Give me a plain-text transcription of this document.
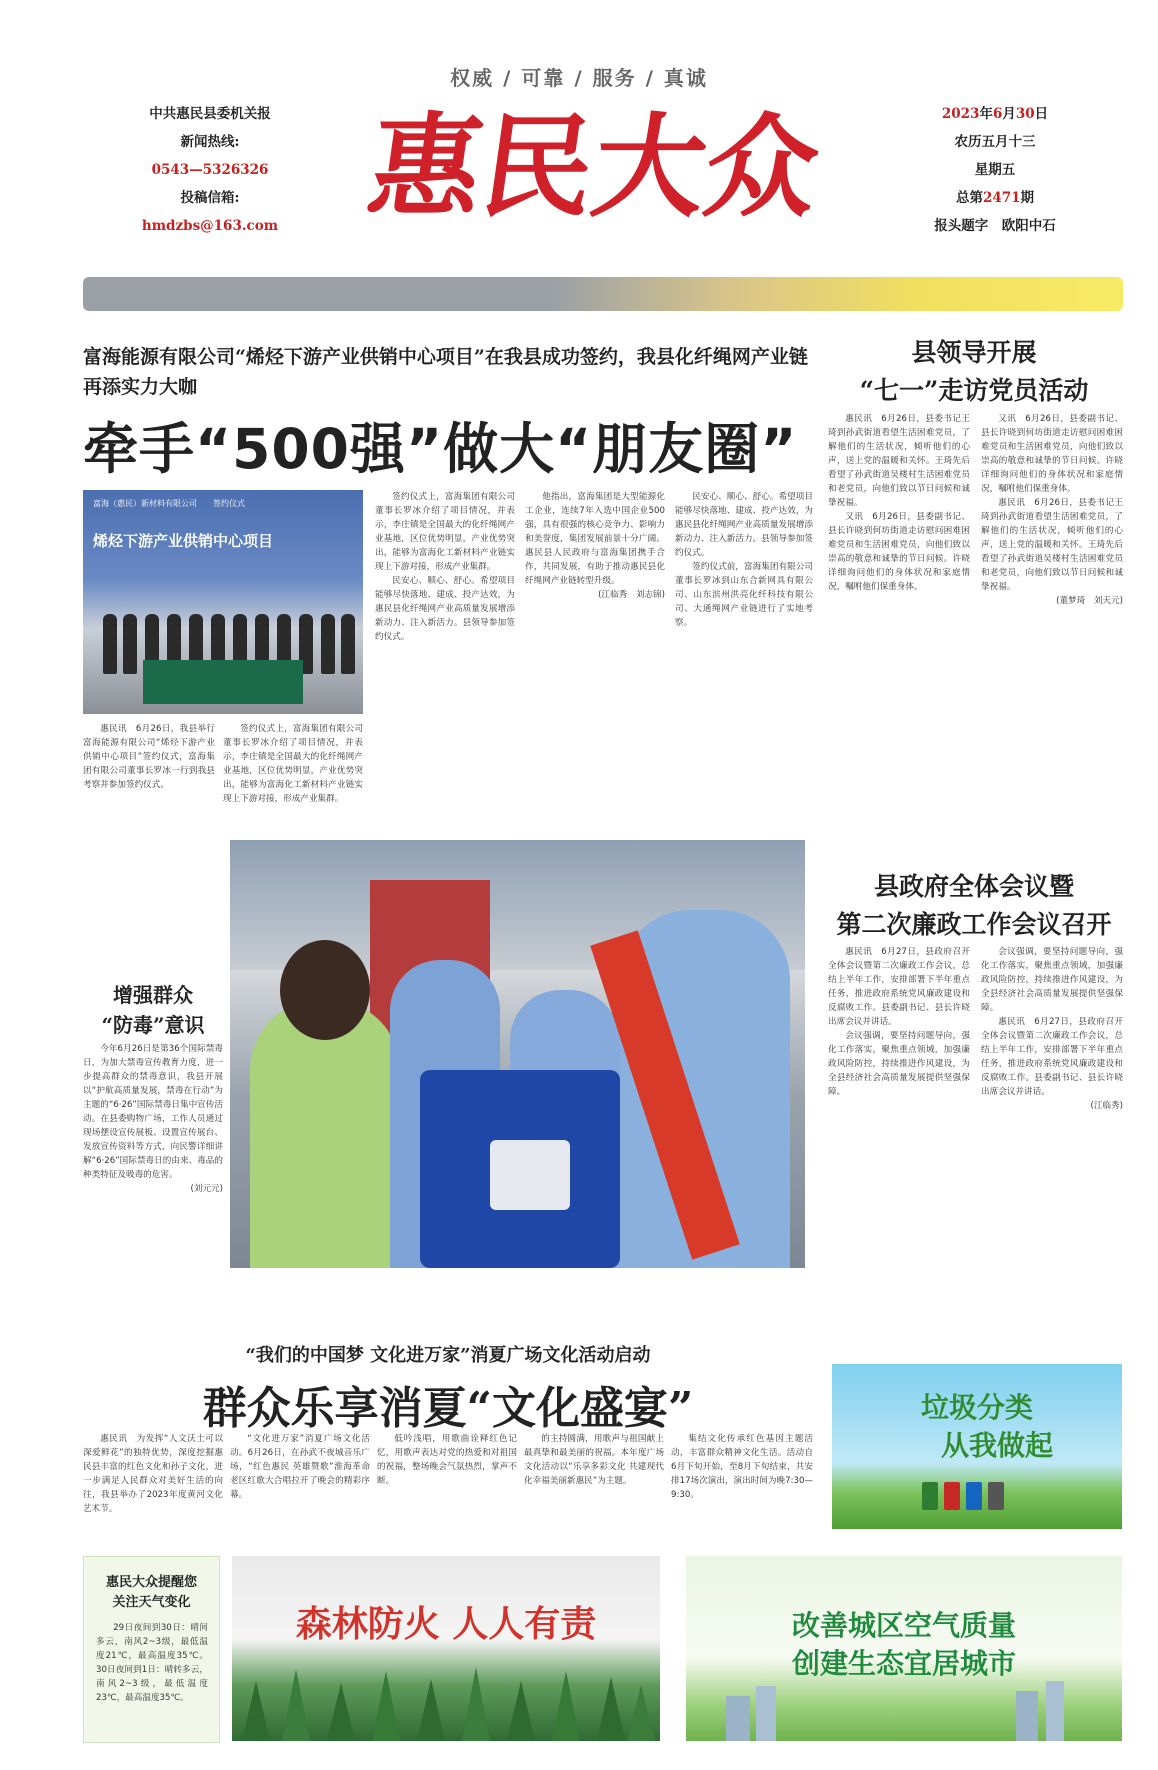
权威 / 可靠 / 服务 / 真诚
中共惠民县委机关报
新闻热线:
0543—5326326
投稿信箱:
hmdzbs@163.com 惠民大众	2023年6月30日
农历五月十三
星期五
总第2471期
报头题字　欧阳中石
富海能源有限公司“烯烃下游产业供销中心项目”在我县成功签约，我县化纤绳网产业链再添实力大咖
牵手“500强”做大“朋友圈”
富海（惠民）新材料有限公司　　签约仪式
烯烃下游产业供销中心项目

惠民讯　6月26日，我县举行富海能源有限公司“烯烃下游产业供销中心项目”签约仪式，富海集团有限公司董事长罗冰一行到我县考察并参加签约仪式。

签约仪式上，富海集团有限公司董事长罗冰介绍了项目情况，并表示，李庄镇是全国最大的化纤绳网产业基地，区位优势明显，产业优势突出，能够为富海化工新材料产业链实现上下游对接，形成产业集群。

签约仪式上，富海集团有限公司董事长罗冰介绍了项目情况，并表示，李庄镇是全国最大的化纤绳网产业基地，区位优势明显，产业优势突出，能够为富海化工新材料产业链实现上下游对接，形成产业集群。

民安心、顺心、舒心。希望项目能够尽快落地、建成、投产达效，为惠民县化纤绳网产业高质量发展增添新动力、注入新活力。县领导参加签约仪式。

他指出，富海集团是大型能源化工企业，连续7年入选中国企业500强，具有很强的核心竞争力、影响力和美誉度，集团发展前景十分广阔。惠民县人民政府与富海集团携手合作，共同发展，有助于推动惠民县化纤绳网产业链转型升级。

(江临秀　刘志锦)

民安心、顺心、舒心。希望项目能够尽快落地、建成、投产达效，为惠民县化纤绳网产业高质量发展增添新动力、注入新活力。县领导参加签约仪式。

签约仪式前，富海集团有限公司董事长罗冰到山东合新网具有限公司、山东滨州洪亮化纤科技有限公司、大通绳网产业链进行了实地考察。

县领导开展
“七一”走访党员活动

惠民讯　6月26日，县委书记王琦到孙武街道看望生活困难党员，了解他们的生活状况，倾听他们的心声，送上党的温暖和关怀。王琦先后看望了孙武街道吴楼村生活困难党员和老党员，向他们致以节日问候和诚挚祝福。

又讯　6月26日，县委副书记、县长许晓到何坊街道走访慰问困难困难党员和生活困难党员，向他们致以崇高的敬意和诚挚的节日问候。许晓详细询问他们的身体状况和家庭情况，嘱咐他们保重身体。

又讯　6月26日，县委副书记、县长许晓到何坊街道走访慰问困难困难党员和生活困难党员，向他们致以崇高的敬意和诚挚的节日问候。许晓详细询问他们的身体状况和家庭情况，嘱咐他们保重身体。

惠民讯　6月26日，县委书记王琦到孙武街道看望生活困难党员，了解他们的生活状况，倾听他们的心声，送上党的温暖和关怀。王琦先后看望了孙武街道吴楼村生活困难党员和老党员，向他们致以节日问候和诚挚祝福。

(董梦琦　刘天元)

增强群众
“防毒”意识

今年6月26日是第36个国际禁毒日，为加大禁毒宣传教育力度，进一步提高群众的禁毒意识，我县开展以“护航高质量发展，禁毒在行动”为主题的“6·26”国际禁毒日集中宣传活动。在县委购物广场，工作人员通过现场摆设宣传展板、设置宣传展台、发放宣传资料等方式，向民警详细讲解“6·26”国际禁毒日的由来、毒品的种类特征及吸毒的危害。

(刘元元)

县政府全体会议暨
第二次廉政工作会议召开

惠民讯　6月27日，县政府召开全体会议暨第二次廉政工作会议，总结上半年工作，安排部署下半年重点任务，推进政府系统党风廉政建设和反腐败工作。县委副书记、县长许晓出席会议并讲话。

会议强调，要坚持问题导向，强化工作落实，聚焦重点领域，加强廉政风险防控，持续推进作风建设，为全县经济社会高质量发展提供坚强保障。

会议强调，要坚持问题导向，强化工作落实，聚焦重点领域，加强廉政风险防控，持续推进作风建设，为全县经济社会高质量发展提供坚强保障。

惠民讯　6月27日，县政府召开全体会议暨第二次廉政工作会议，总结上半年工作，安排部署下半年重点任务，推进政府系统党风廉政建设和反腐败工作。县委副书记、县长许晓出席会议并讲话。

(江临秀)

“我们的中国梦 文化进万家”消夏广场文化活动启动
群众乐享消夏“文化盛宴”

惠民讯　为发挥“人文沃土可以深爱鲜花”的独特优势，深度挖掘惠民县丰富的红色文化和孙子文化，进一步满足人民群众对美好生活的向往，我县举办了2023年度黄河文化艺术节。

“文化进万家”消夏广场文化活动。6月26日，在孙武不夜城音乐广场，“红色惠民 英雄赞歌”淮海革命老区红歌大合唱拉开了晚会的精彩序幕。

低吟浅唱，用歌曲诠释红色记忆，用歌声表达对党的热爱和对祖国的祝福，整场晚会气氛热烈，掌声不断。

的主持圆满，用歌声与祖国献上最真挚和最美丽的祝福。本年度广场文化活动以“乐享多彩文化 共建现代化幸福美丽新惠民”为主题。

集结文化传承红色基因主题活动，丰富群众精神文化生活。活动自6月下旬开始，至8月下旬结束，共安排17场次演出，演出时间为晚7:30—9:30。

垃圾分类
从我做起
惠民大众提醒您
关注天气变化

29日夜间到30日：晴间多云，南风2~3级，最低温度21℃，最高温度35℃。30日夜间到1日：晴转多云，南风2~3级，最低温度23℃，最高温度35℃。

森林防火 人人有责	改善城区空气质量
创建生态宜居城市
